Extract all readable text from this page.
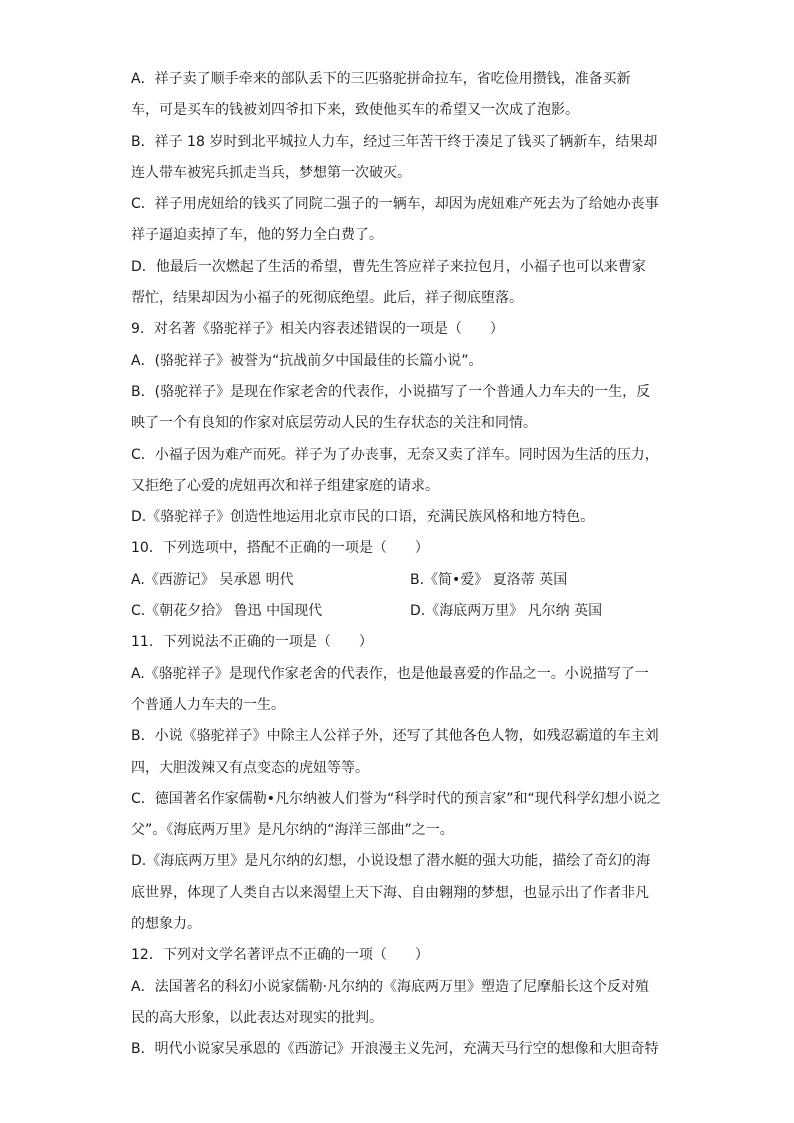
A．祥子卖了顺手牵来的部队丢下的三匹骆驼拼命拉车，省吃俭用攒钱，准备买新
车，可是买车的钱被刘四爷扣下来，致使他买车的希望又一次成了泡影。
B．祥子 18 岁时到北平城拉人力车，经过三年苦干终于凑足了钱买了辆新车，结果却
连人带车被宪兵抓走当兵，梦想第一次破灭。
C．祥子用虎妞给的钱买了同院二强子的一辆车，却因为虎妞难产死去为了给她办丧事
祥子逼迫卖掉了车，他的努力全白费了。
D．他最后一次燃起了生活的希望，曹先生答应祥子来拉包月，小福子也可以来曹家
帮忙，结果却因为小福子的死彻底绝望。此后，祥子彻底堕落。
9．对名著《骆驼祥子》相关内容表述错误的一项是（　　）
A．(骆驼祥子》被誉为“抗战前夕中国最佳的长篇小说”。
B．(骆驼祥子》是现在作家老舍的代表作，小说描写了一个普通人力车夫的一生，反
映了一个有良知的作家对底层劳动人民的生存状态的关注和同情。
C．小福子因为难产而死。祥子为了办丧事，无奈又卖了洋车。同时因为生活的压力，
又拒绝了心爱的虎妞再次和祥子组建家庭的请求。
D.《骆驼祥子》创造性地运用北京市民的口语，充满民族风格和地方特色。
10．下列选项中，搭配不正确的一项是（　　）
A.《西游记》 吴承恩 明代	B.《简•爱》 夏洛蒂 英国
C.《朝花夕拾》 鲁迅 中国现代	D.《海底两万里》 凡尔纳 英国
11．下列说法不正确的一项是（　　）
A.《骆驼祥子》是现代作家老舍的代表作，也是他最喜爱的作品之一。小说描写了一
个普通人力车夫的一生。
B．小说《骆驼祥子》中除主人公祥子外，还写了其他各色人物，如残忍霸道的车主刘
四，大胆泼辣又有点变态的虎妞等等。
C．德国著名作家儒勒•凡尔纳被人们誉为“科学时代的预言家”和“现代科学幻想小说之
父”。《海底两万里》是凡尔纳的“海洋三部曲”之一。
D.《海底两万里》是凡尔纳的幻想，小说设想了潜水艇的强大功能，描绘了奇幻的海
底世界，体现了人类自古以来渴望上天下海、自由翱翔的梦想，也显示出了作者非凡
的想象力。
12．下列对文学名著评点不正确的一项（　　）
A．法国著名的科幻小说家儒勒·凡尔纳的《海底两万里》塑造了尼摩船长这个反对殖
民的高大形象，以此表达对现实的批判。
B．明代小说家吴承恩的《西游记》开浪漫主义先河，充满天马行空的想像和大胆奇特
